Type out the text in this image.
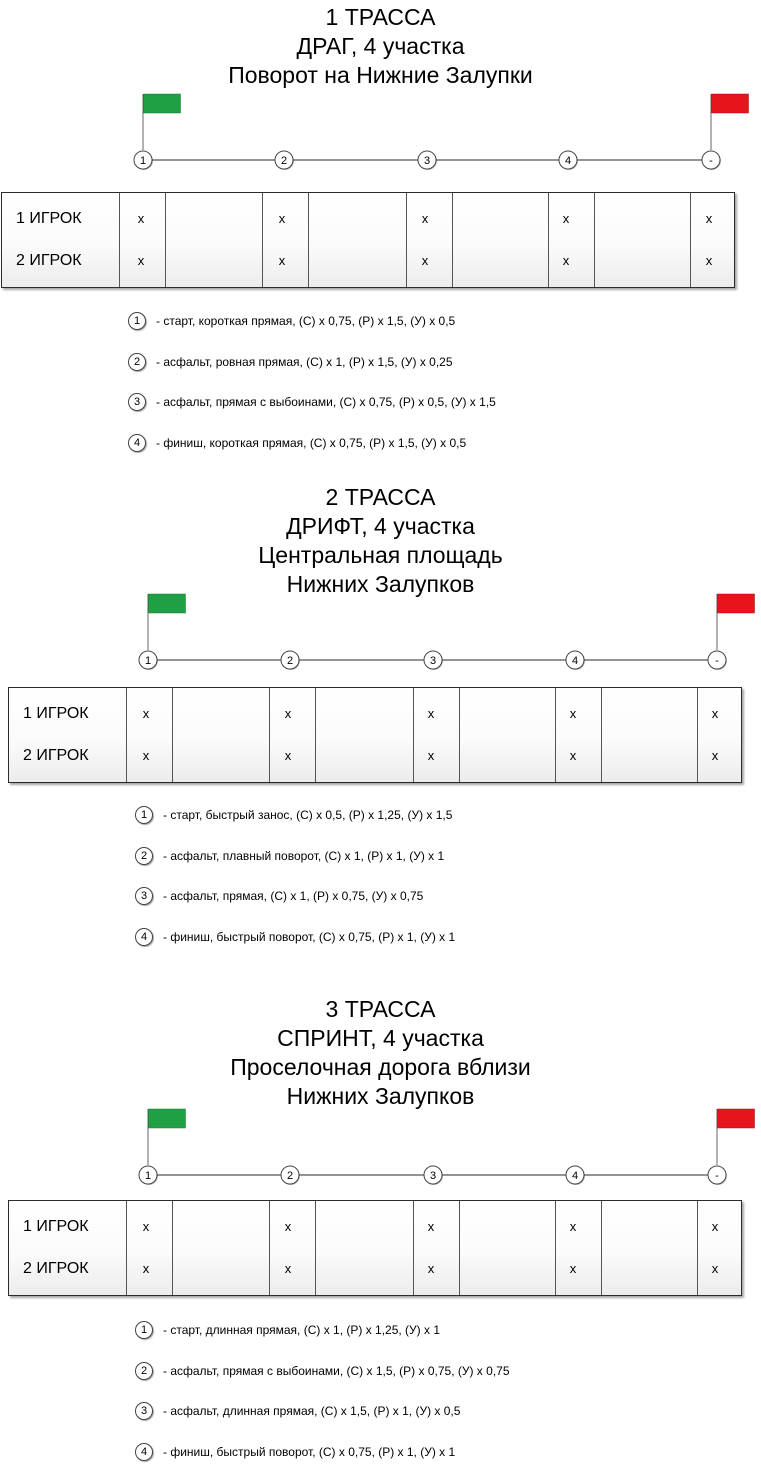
1 ТРАССА
ДРАГ, 4 участка
Поворот на Нижние Залупки
1	2	3	4	-
1 ИГРОК	x	x	x	x	x
2 ИГРОК	x	x	x	x	x
1	- старт, короткая прямая, (С) х 0,75, (Р) х 1,5, (У) х 0,5
2	- асфальт, ровная прямая, (С) х 1, (Р) х 1,5, (У) х 0,25
3	- асфальт, прямая с выбоинами, (С) х 0,75, (Р) х 0,5, (У) х 1,5
4	- финиш, короткая прямая, (С) х 0,75, (Р) х 1,5, (У) х 0,5
2 ТРАССА
ДРИФТ, 4 участка
Центральная площадь
Нижних Залупков
1	2	3	4	-
1 ИГРОК	x	x	x	x	x
2 ИГРОК	x	x	x	x	x
1	- старт, быстрый занос, (С) х 0,5, (Р) х 1,25, (У) х 1,5
2	- асфальт, плавный поворот, (С) х 1, (Р) х 1, (У) х 1
3	- асфальт, прямая, (С) х 1, (Р) х 0,75, (У) х 0,75
4	- финиш, быстрый поворот, (С) х 0,75, (Р) х 1, (У) х 1
3 ТРАССА
СПРИНТ, 4 участка
Проселочная дорога вблизи
Нижних Залупков
1	2	3	4	-
1 ИГРОК	x	x	x	x	x
2 ИГРОК	x	x	x	x	x
1	- старт, длинная прямая, (С) х 1, (Р) х 1,25, (У) х 1
2	- асфальт, прямая с выбоинами, (С) х 1,5, (Р) х 0,75, (У) х 0,75
3	- асфальт, длинная прямая, (С) х 1,5, (Р) х 1, (У) х 0,5
4	- финиш, быстрый поворот, (С) х 0,75, (Р) х 1, (У) х 1
